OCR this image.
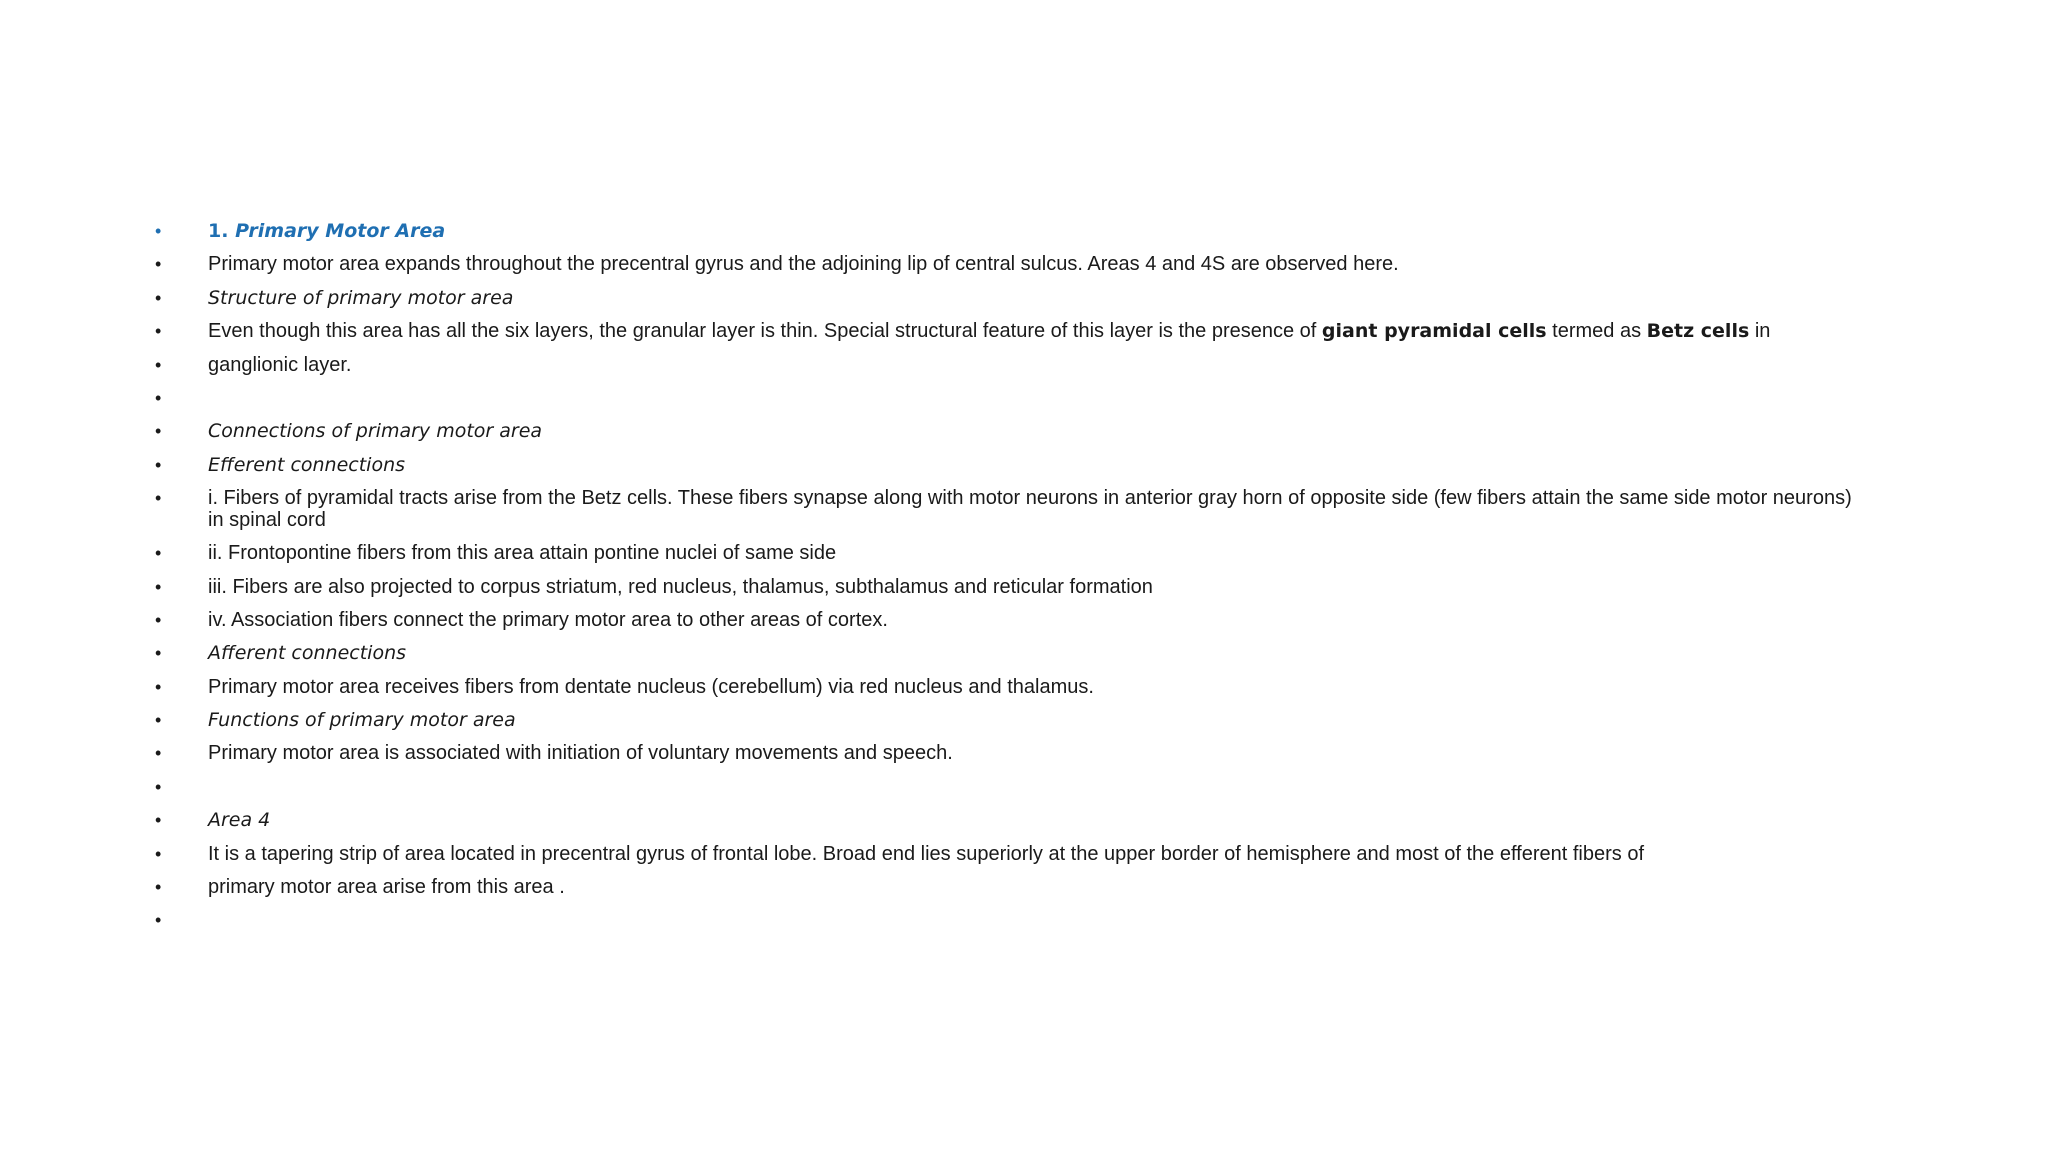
•	1. Primary Motor Area
•	Primary motor area expands throughout the precentral gyrus and the adjoining lip of central sulcus. Areas 4 and 4S are observed here.
•	Structure of primary motor area
•	Even though this area has all the six layers, the granular layer is thin. Special structural feature of this layer is the presence of giant pyramidal cells termed as Betz cells in
•	ganglionic layer.
•
•	Connections of primary motor area
•	Efferent connections
•	i. Fibers of pyramidal tracts arise from the Betz cells. These fibers synapse along with motor neurons in anterior gray horn of opposite side (few fibers attain the same side motor neurons)
in spinal cord
•	ii. Frontopontine fibers from this area attain pontine nuclei of same side
•	iii. Fibers are also projected to corpus striatum, red nucleus, thalamus, subthalamus and reticular formation
•	iv. Association fibers connect the primary motor area to other areas of cortex.
•	Afferent connections
•	Primary motor area receives fibers from dentate nucleus (cerebellum) via red nucleus and thalamus.
•	Functions of primary motor area
•	Primary motor area is associated with initiation of voluntary movements and speech.
•
•	Area 4
•	It is a tapering strip of area located in precentral gyrus of frontal lobe. Broad end lies superiorly at the upper border of hemisphere and most of the efferent fibers of
•	primary motor area arise from this area .
•
